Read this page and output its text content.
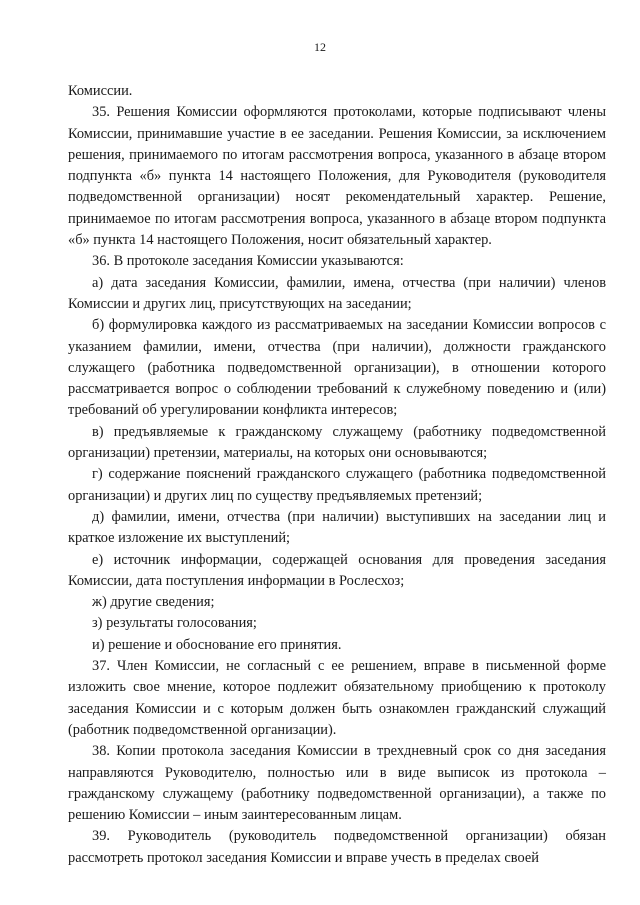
12

Комиссии.

35. Решения Комиссии оформляются протоколами, которые подписывают члены Комиссии, принимавшие участие в ее заседании. Решения Комиссии, за исключением решения, принимаемого по итогам рассмотрения вопроса, указанного в абзаце втором подпункта «б» пункта 14 настоящего Положения, для Руководителя (руководителя подведомственной организации) носят рекомендательный характер. Решение, принимаемое по итогам рассмотрения вопроса, указанного в абзаце втором подпункта «б» пункта 14 настоящего Положения, носит обязательный характер.

36. В протоколе заседания Комиссии указываются:

а) дата заседания Комиссии, фамилии, имена, отчества (при наличии) членов Комиссии и других лиц, присутствующих на заседании;

б) формулировка каждого из рассматриваемых на заседании Комиссии вопросов с указанием фамилии, имени, отчества (при наличии), должности гражданского служащего (работника подведомственной организации), в отношении которого рассматривается вопрос о соблюдении требований к служебному поведению и (или) требований об урегулировании конфликта интересов;

в) предъявляемые к гражданскому служащему (работнику подведомственной организации) претензии, материалы, на которых они основываются;

г) содержание пояснений гражданского служащего (работника подведомственной организации) и других лиц по существу предъявляемых претензий;

д) фамилии, имени, отчества (при наличии) выступивших на заседании лиц и краткое изложение их выступлений;

е) источник информации, содержащей основания для проведения заседания Комиссии, дата поступления информации в Рослесхоз;

ж) другие сведения;

з) результаты голосования;

и) решение и обоснование его принятия.

37. Член Комиссии, не согласный с ее решением, вправе в письменной форме изложить свое мнение, которое подлежит обязательному приобщению к протоколу заседания Комиссии и с которым должен быть ознакомлен гражданский служащий (работник подведомственной организации).

38. Копии протокола заседания Комиссии в трехдневный срок со дня заседания направляются Руководителю, полностью или в виде выписок из протокола – гражданскому служащему (работнику подведомственной организации), а также по решению Комиссии – иным заинтересованным лицам.

39. Руководитель (руководитель подведомственной организации) обязан рассмотреть протокол заседания Комиссии и вправе учесть в пределах своей
